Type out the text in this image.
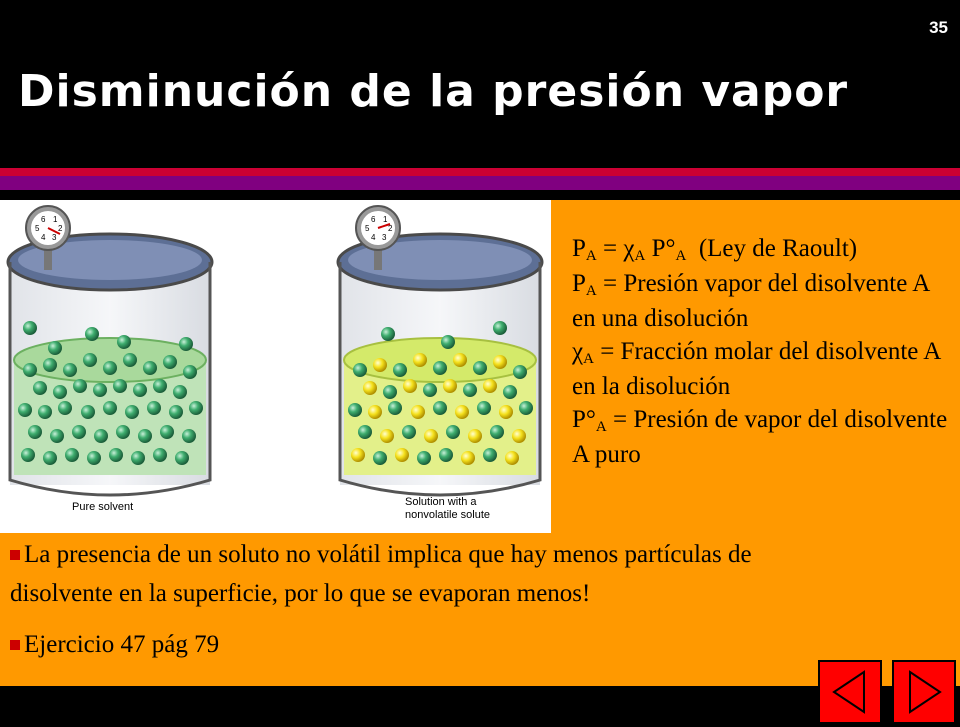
35
Disminución de la presión vapor
6 1
2
3
4
5
Pure solvent
6 1
2
3
4
5
Solution with a
nonvolatile solute

$P_A = \chi_A$ $P^\circ_A$  (Ley de Raoult)

$P_A$ = Presión vapor del disolvente A en una disolución

$\chi_A$ = Fracción molar del disolvente A en la disolución

$P^\circ_A$ = Presión de vapor del disolvente A puro

La presencia de un soluto no volátil implica que hay menos partículas de disolvente en la superficie, por lo que se evaporan menos!

Ejercicio 47 pág 79
